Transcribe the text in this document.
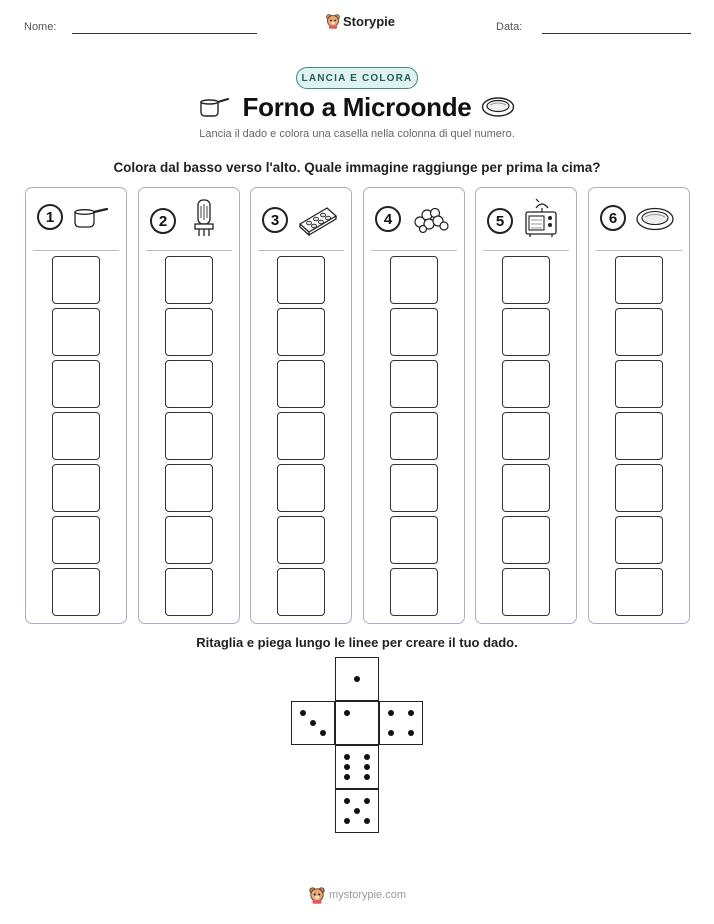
Nome:	Data:
Storypie
LANCIA E COLORA
Forno a Microonde
Lancia il dado e colora una casella nella colonna di quel numero.
Colora dal basso verso l'alto. Quale immagine raggiunge per prima la cima?
1	2	3	4	5	6
Ritaglia e piega lungo le linee per creare il tuo dado.
mystorypie.com
